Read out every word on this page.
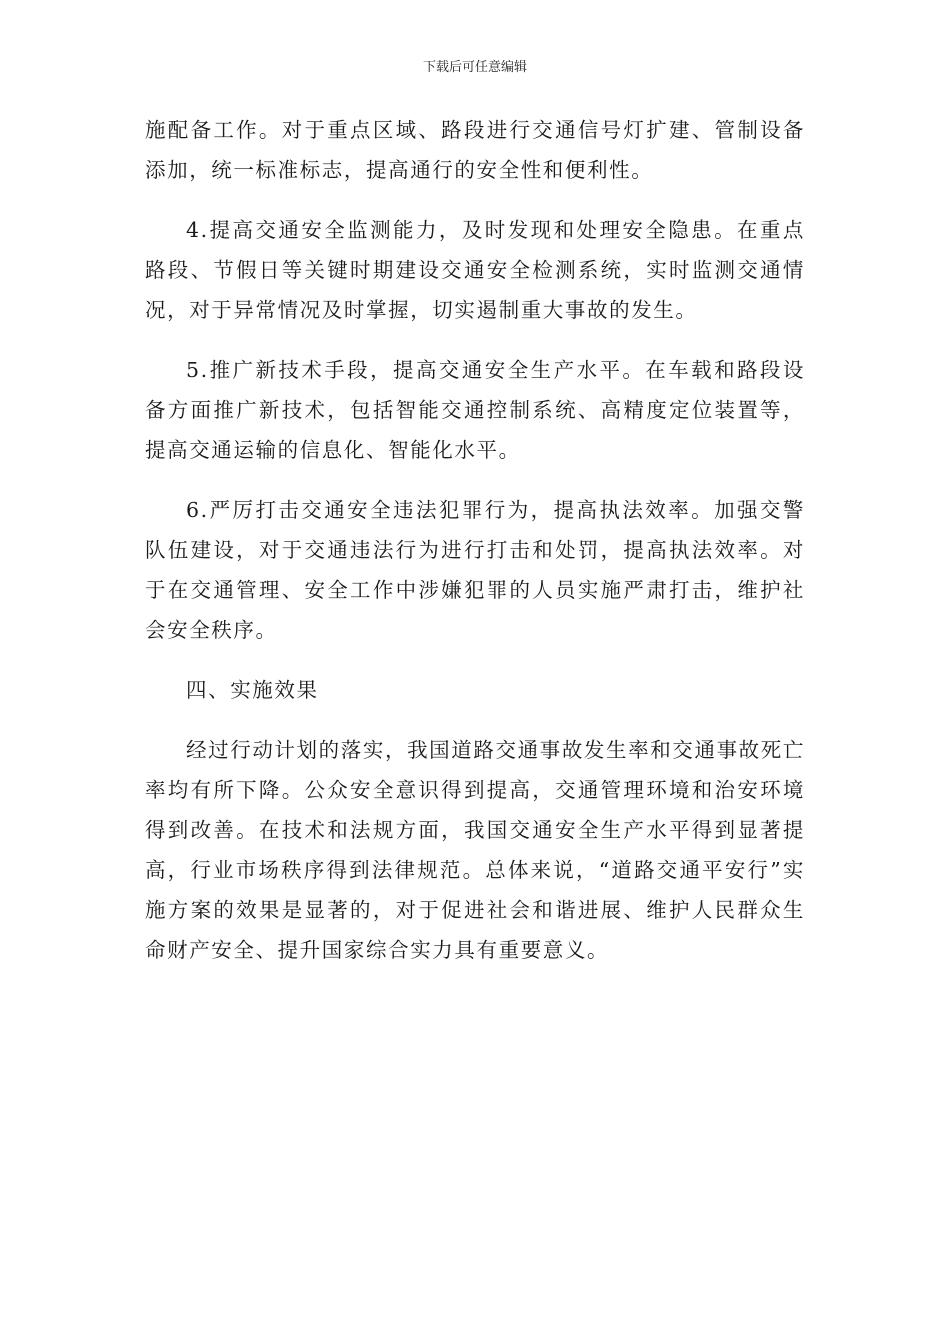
下载后可任意编辑

施配备工作。对于重点区域、路段进行交通信号灯扩建、管制设备添加，统一标准标志，提高通行的安全性和便利性。

4.提高交通安全监测能力，及时发现和处理安全隐患。在重点路段、节假日等关键时期建设交通安全检测系统，实时监测交通情况，对于异常情况及时掌握，切实遏制重大事故的发生。

5.推广新技术手段，提高交通安全生产水平。在车载和路段设备方面推广新技术，包括智能交通控制系统、高精度定位装置等，提高交通运输的信息化、智能化水平。

6.严厉打击交通安全违法犯罪行为，提高执法效率。加强交警队伍建设，对于交通违法行为进行打击和处罚，提高执法效率。对于在交通管理、安全工作中涉嫌犯罪的人员实施严肃打击，维护社会安全秩序。

四、实施效果

经过行动计划的落实，我国道路交通事故发生率和交通事故死亡率均有所下降。公众安全意识得到提高，交通管理环境和治安环境得到改善。在技术和法规方面，我国交通安全生产水平得到显著提高，行业市场秩序得到法律规范。总体来说，“道路交通平安行”实施方案的效果是显著的，对于促进社会和谐进展、维护人民群众生命财产安全、提升国家综合实力具有重要意义。
